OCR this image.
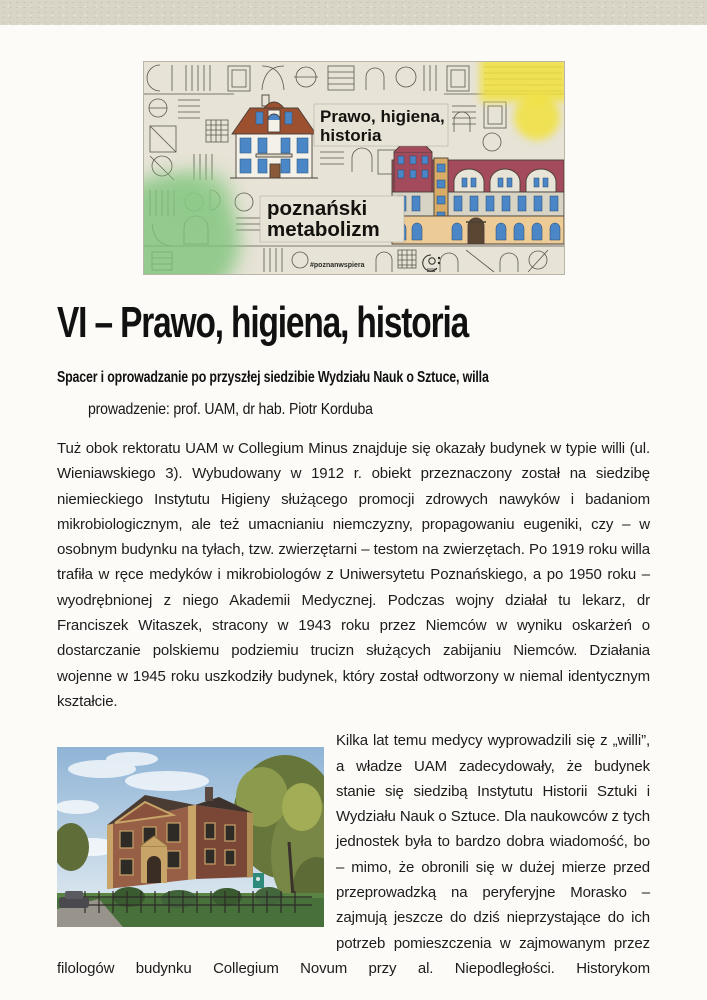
Prawo, higiena,
historia
poznański
metabolizm
#poznanwspiera
VI – Prawo, higiena, historia
Spacer i oprowadzanie po przyszłej siedzibie Wydziału Nauk o Sztuce, willa
prowadzenie: prof. UAM, dr hab. Piotr Korduba

Tuż obok rektoratu UAM w Collegium Minus znajduje się okazały budynek w typie willi (ul. Wieniawskiego 3). Wybudowany w 1912 r. obiekt przeznaczony został na siedzibę niemieckiego Instytutu Higieny służącego promocji zdrowych nawyków i badaniom mikrobiologicznym, ale też umacnianiu niemczyzny, propagowaniu eugeniki, czy – w osobnym budynku na tyłach, tzw. zwierzętarni – testom na zwierzętach. Po 1919 roku willa trafiła w ręce medyków i mikrobiologów z Uniwersytetu Poznańskiego, a po 1950 roku – wyodrębnionej z niego Akademii Medycznej. Podczas wojny działał tu lekarz, dr Franciszek Witaszek, stracony w 1943 roku przez Niemców w wyniku oskarżeń o dostarczanie polskiemu podziemiu trucizn służących zabijaniu Niemców. Działania wojenne w 1945 roku uszkodziły budynek, który został odtworzony w niemal identycznym kształcie.

Kilka lat temu medycy wyprowadzili się z „willi”, a władze UAM zadecydowały, że budynek stanie się siedzibą Instytutu Historii Sztuki i Wydziału Nauk o Sztuce. Dla naukowców z tych jednostek była to bardzo dobra wiadomość, bo – mimo, że obronili się w dużej mierze przed przeprowadzką na peryferyjne Morasko – zajmują jeszcze do dziś nieprzystające do ich potrzeb pomieszczenia w zajmowanym przez filologów budynku Collegium Novum przy al. Niepodległości. Historykom
